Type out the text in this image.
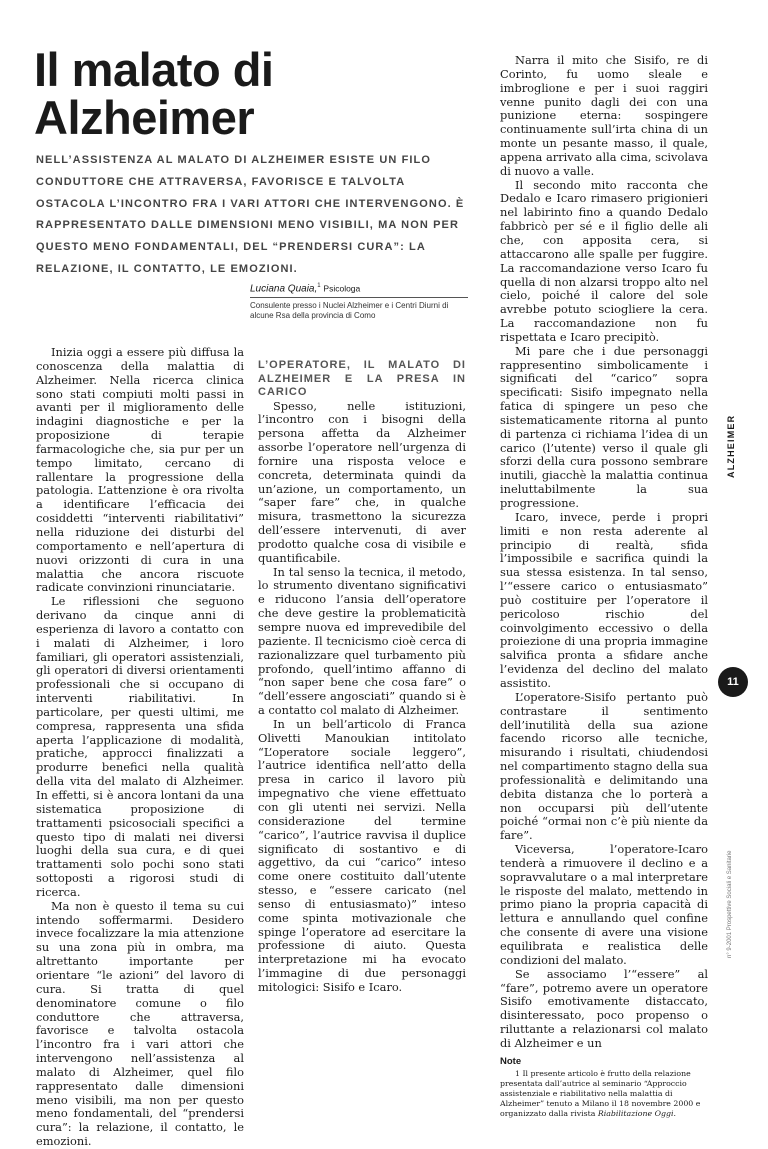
Il malato di
Alzheimer

NELL’ASSISTENZA AL MALATO DI ALZHEIMER ESISTE UN FILO CONDUTTORE CHE ATTRAVERSA, FAVORISCE E TALVOLTA OSTACOLA L’INCONTRO FRA I VARI ATTORI CHE INTERVENGONO. È RAPPRESENTATO DALLE DIMENSIONI MENO VISIBILI, MA NON PER QUESTO MENO FONDAMENTALI, DEL “PRENDERSI CURA”: LA RELAZIONE, IL CONTATTO, LE EMOZIONI.

Luciana Quaia,$^1$ Psicologa
Consulente presso i Nuclei Alzheimer e i Centri Diurni di alcune Rsa della provincia di Como

Inizia oggi a essere più diffusa la conoscenza della malattia di Alzheimer. Nella ricerca clinica sono stati compiuti molti passi in avanti per il miglioramento delle indagini diagnostiche e per la proposizione di terapie farmacologiche che, sia pur per un tempo limitato, cercano di rallentare la progressione della patologia. L’attenzione è ora rivolta a identificare l’efficacia dei cosiddetti “interventi riabilitativi” nella riduzione dei disturbi del comportamento e nell’apertura di nuovi orizzonti di cura in una malattia che ancora riscuote radicate convinzioni rinunciatarie.

Le riflessioni che seguono derivano da cinque anni di esperienza di lavoro a contatto con i malati di Alzheimer, i loro familiari, gli operatori assistenziali, gli operatori di diversi orientamenti professionali che si occupano di interventi riabilitativi. In particolare, per questi ultimi, me compresa, rappresenta una sfida aperta l’applicazione di modalità, pratiche, approcci finalizzati a produrre benefici nella qualità della vita del malato di Alzheimer. In effetti, si è ancora lontani da una sistematica proposizione di trattamenti psicosociali specifici a questo tipo di malati nei diversi luoghi della sua cura, e di quei trattamenti solo pochi sono stati sottoposti a rigorosi studi di ricerca.

Ma non è questo il tema su cui intendo soffermarmi. Desidero invece focalizzare la mia attenzione su una zona più in ombra, ma altrettanto importante per orientare “le azioni” del lavoro di cura. Si tratta di quel denominatore comune o filo conduttore che attraversa, favorisce e talvolta ostacola l’incontro fra i vari attori che intervengono nell’assistenza al malato di Alzheimer, quel filo rappresentato dalle dimensioni meno visibili, ma non per questo meno fondamentali, del “prendersi cura”: la relazione, il contatto, le emozioni.

L’OPERATORE, IL MALATO DI ALZHEIMER E LA PRESA IN CARICO

Spesso, nelle istituzioni, l’incontro con i bisogni della persona affetta da Alzheimer assorbe l’operatore nell’urgenza di fornire una risposta veloce e concreta, determinata quindi da un’azione, un comportamento, un “saper fare” che, in qualche misura, trasmettono la sicurezza dell’essere intervenuti, di aver prodotto qualche cosa di visibile e quantificabile.

In tal senso la tecnica, il metodo, lo strumento diventano significativi e riducono l’ansia dell’operatore che deve gestire la problematicità sempre nuova ed imprevedibile del paziente. Il tecnicismo cioè cerca di razionalizzare quel turbamento più profondo, quell’intimo affanno di “non saper bene che cosa fare” o “dell’essere angosciati” quando si è a contatto col malato di Alzheimer.

In un bell’articolo di Franca Olivetti Manoukian intitolato “L’operatore sociale leggero”, l’autrice identifica nell’atto della presa in carico il lavoro più impegnativo che viene effettuato con gli utenti nei servizi. Nella considerazione del termine “carico”, l’autrice ravvisa il duplice significato di sostantivo e di aggettivo, da cui “carico” inteso come onere costituito dall’utente stesso, e “essere caricato (nel senso di entusiasmato)” inteso come spinta motivazionale che spinge l’operatore ad esercitare la professione di aiuto. Questa interpretazione mi ha evocato l’immagine di due personaggi mitologici: Sisifo e Icaro.

Narra il mito che Sisifo, re di Corinto, fu uomo sleale e imbroglione e per i suoi raggiri venne punito dagli dei con una punizione eterna: sospingere continuamente sull’irta china di un monte un pesante masso, il quale, appena arrivato alla cima, scivolava di nuovo a valle.

Il secondo mito racconta che Dedalo e Icaro rimasero prigionieri nel labirinto fino a quando Dedalo fabbricò per sé e il figlio delle ali che, con apposita cera, si attaccarono alle spalle per fuggire. La raccomandazione verso Icaro fu quella di non alzarsi troppo alto nel cielo, poiché il calore del sole avrebbe potuto sciogliere la cera. La raccomandazione non fu rispettata e Icaro precipitò.

Mi pare che i due personaggi rappresentino simbolicamente i significati del “carico” sopra specificati: Sisifo impegnato nella fatica di spingere un peso che sistematicamente ritorna al punto di partenza ci richiama l’idea di un carico (l’utente) verso il quale gli sforzi della cura possono sembrare inutili, giacchè la malattia continua ineluttabilmente la sua progressione.

Icaro, invece, perde i propri limiti e non resta aderente al principio di realtà, sfida l’impossibile e sacrifica quindi la sua stessa esistenza. In tal senso, l’“essere carico o entusiasmato” può costituire per l’operatore il pericoloso rischio del coinvolgimento eccessivo o della proiezione di una propria immagine salvifica pronta a sfidare anche l’evidenza del declino del malato assistito.

L’operatore-Sisifo pertanto può contrastare il sentimento dell’inutilità della sua azione facendo ricorso alle tecniche, misurando i risultati, chiudendosi nel compartimento stagno della sua professionalità e delimitando una debita distanza che lo porterà a non occuparsi più dell’utente poiché “ormai non c’è più niente da fare”.

Viceversa, l’operatore-Icaro tenderà a rimuovere il declino e a sopravvalutare o a mal interpretare le risposte del malato, mettendo in primo piano la propria capacità di lettura e annullando quel confine che consente di avere una visione equilibrata e realistica delle condizioni del malato.

Se associamo l’“essere” al “fare”, potremo avere un operatore Sisifo emotivamente distaccato, disinteressato, poco propenso o riluttante a relazionarsi col malato di Alzheimer e un

Note

1 Il presente articolo è frutto della relazione presentata dall’autrice al seminario “Approccio assistenziale e riabilitativo nella malattia di Alzheimer” tenuto a Milano il 18 novembre 2000 e organizzato dalla rivista Riabilitazione Oggi.

ALZHEIMER
11
n° 9-2001 Prospettive Sociali e Sanitarie
